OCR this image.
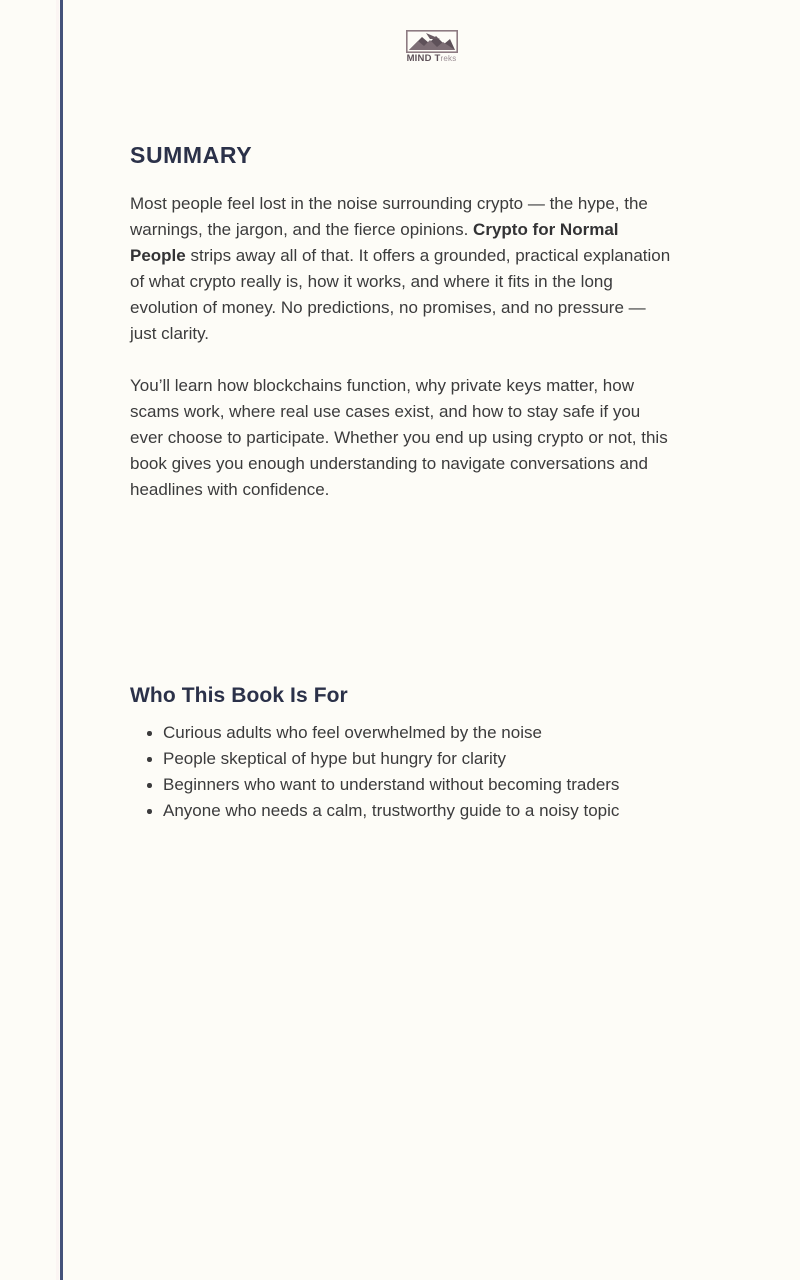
MIND Treks
SUMMARY

Most people feel lost in the noise surrounding crypto — the hype, the warnings, the jargon, and the fierce opinions. Crypto for Normal People strips away all of that. It offers a grounded, practical explanation of what crypto really is, how it works, and where it fits in the long evolution of money. No predictions, no promises, and no pressure — just clarity.

You’ll learn how blockchains function, why private keys matter, how scams work, where real use cases exist, and how to stay safe if you ever choose to participate. Whether you end up using crypto or not, this book gives you enough understanding to navigate conversations and headlines with confidence.

Who This Book Is For
Curious adults who feel overwhelmed by the noise
People skeptical of hype but hungry for clarity
Beginners who want to understand without becoming traders
Anyone who needs a calm, trustworthy guide to a noisy topic
